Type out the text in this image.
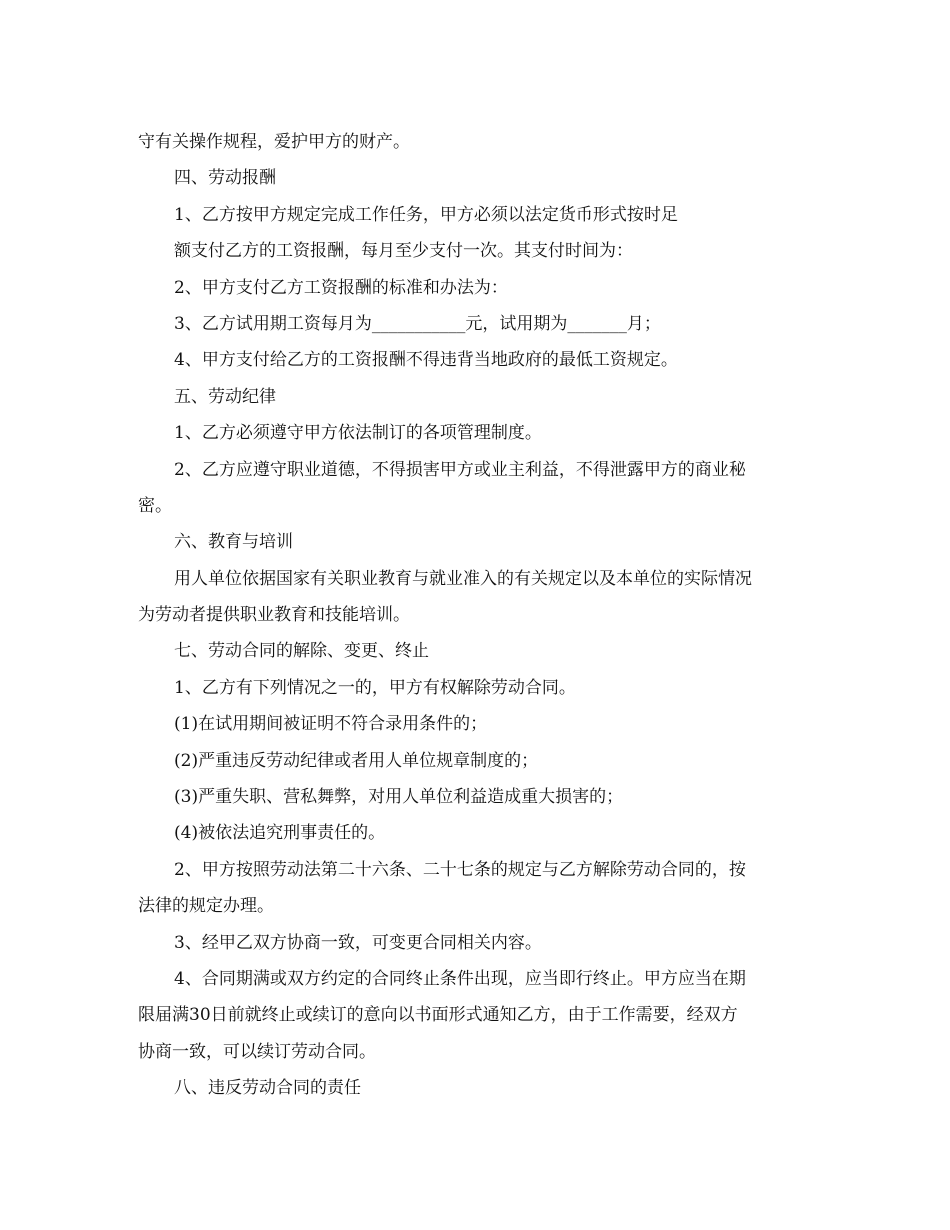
守有关操作规程，爱护甲方的财产。
四、劳动报酬
1、乙方按甲方规定完成工作任务，甲方必须以法定货币形式按时足
额支付乙方的工资报酬，每月至少支付一次。其支付时间为：
2、甲方支付乙方工资报酬的标准和办法为：
3、乙方试用期工资每月为___________元，试用期为_______月；
4、甲方支付给乙方的工资报酬不得违背当地政府的最低工资规定。
五、劳动纪律
1、乙方必须遵守甲方依法制订的各项管理制度。
2、乙方应遵守职业道德，不得损害甲方或业主利益，不得泄露甲方的商业秘
密。
六、教育与培训
用人单位依据国家有关职业教育与就业准入的有关规定以及本单位的实际情况
为劳动者提供职业教育和技能培训。
七、劳动合同的解除、变更、终止
1、乙方有下列情况之一的，甲方有权解除劳动合同。
(1)在试用期间被证明不符合录用条件的；
(2)严重违反劳动纪律或者用人单位规章制度的；
(3)严重失职、营私舞弊，对用人单位利益造成重大损害的；
(4)被依法追究刑事责任的。
2、甲方按照劳动法第二十六条、二十七条的规定与乙方解除劳动合同的，按
法律的规定办理。
3、经甲乙双方协商一致，可变更合同相关内容。
4、合同期满或双方约定的合同终止条件出现，应当即行终止。甲方应当在期
限届满30日前就终止或续订的意向以书面形式通知乙方，由于工作需要，经双方
协商一致，可以续订劳动合同。
八、违反劳动合同的责任
